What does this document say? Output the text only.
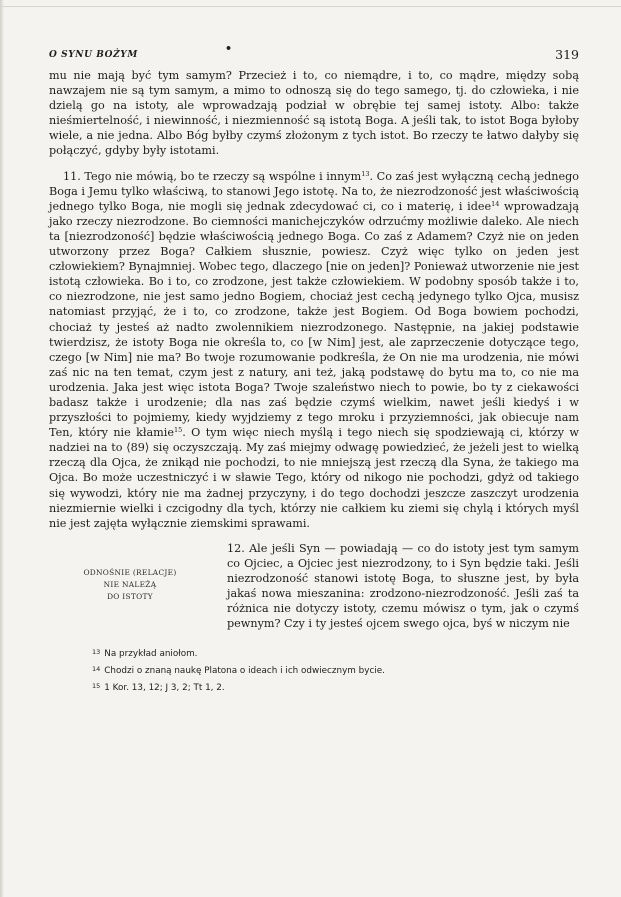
O SYNU BOŻYM	•	319

mu nie mają być tym samym? Przecież i to, co niemądre, i to, co mądre, między sobą nawzajem nie są tym samym, a mimo to odnoszą się do tego samego, tj. do człowieka, i nie dzielą go na istoty, ale wprowadzają podział w obrębie tej samej istoty. Albo: także nieśmiertelność, i niewinność, i niezmienność są istotą Boga. A jeśli tak, to istot Boga byłoby wiele, a nie jedna. Albo Bóg byłby czymś złożonym z tych istot. Bo rzeczy te łatwo dałyby się połączyć, gdyby były istotami.

11. Tego nie mówią, bo te rzeczy są wspólne i innym$^{13}$. Co zaś jest wyłączną cechą jednego Boga i Jemu tylko właściwą, to stanowi Jego istotę. Na to, że niezrodzoność jest właściwością jednego tylko Boga, nie mogli się jednak zdecydować ci, co i materię, i idee$^{14}$ wprowadzają jako rzeczy niezrodzone. Bo ciemności manichejczyków odrzućmy możliwie daleko. Ale niech ta [niezrodzoność] będzie właściwością jednego Boga. Co zaś z Adamem? Czyż nie on jeden utworzony przez Boga? Całkiem słusznie, powiesz. Czyż więc tylko on jeden jest człowiekiem? Bynajmniej. Wobec tego, dlaczego [nie on jeden]? Ponieważ utworzenie nie jest istotą człowieka. Bo i to, co zrodzone, jest także człowiekiem. W podobny sposób także i to, co niezrodzone, nie jest samo jedno Bogiem, chociaż jest cechą jedynego tylko Ojca, musisz natomiast przyjąć, że i to, co zrodzone, także jest Bogiem. Od Boga bowiem pochodzi, chociaż ty jesteś aż nadto zwolennikiem niezrodzonego. Następnie, na jakiej podstawie twierdzisz, że istoty Boga nie określa to, co [w Nim] jest, ale zaprzeczenie dotyczące tego, czego [w Nim] nie ma? Bo twoje rozumowanie podkreśla, że On nie ma urodzenia, nie mówi zaś nic na ten temat, czym jest z natury, ani też, jaką podstawę do bytu ma to, co nie ma urodzenia. Jaka jest więc istota Boga? Twoje szaleństwo niech to powie, bo ty z ciekawości badasz także i urodzenie; dla nas zaś będzie czymś wielkim, nawet jeśli kiedyś i w przyszłości to pojmiemy, kiedy wyjdziemy z tego mroku i przyziemności, jak obiecuje nam Ten, który nie kłamie$^{15}$. O tym więc niech myślą i tego niech się spodziewają ci, którzy w nadziei na to ⟨89⟩ się oczyszczają. My zaś miejmy odwagę powiedzieć, że jeżeli jest to wielką rzeczą dla Ojca, że znikąd nie pochodzi, to nie mniejszą jest rzeczą dla Syna, że takiego ma Ojca. Bo może uczestniczyć i w sławie Tego, który od nikogo nie pochodzi, gdyż od takiego się wywodzi, który nie ma żadnej przyczyny, i do tego dochodzi jeszcze zaszczyt urodzenia niezmiernie wielki i czcigodny dla tych, którzy nie całkiem ku ziemi się chylą i których myśl nie jest zajęta wyłącznie ziemskimi sprawami.

ODNOŚNIE (RELACJE)
NIE NALEŻĄ
DO ISTOTY

12. Ale jeśli Syn — powiadają — co do istoty jest tym samym co Ojciec, a Ojciec jest niezrodzony, to i Syn będzie taki. Jeśli niezrodzoność stanowi istotę Boga, to słuszne jest, by była jakaś nowa mieszanina: zrodzono-niezrodzoność. Jeśli zaś ta różnica nie dotyczy istoty, czemu mówisz o tym, jak o czymś pewnym? Czy i ty jesteś ojcem swego ojca, byś w niczym nie

$^{13}$ Na przykład aniołom.
$^{14}$ Chodzi o znaną naukę Platona o ideach i ich odwiecznym bycie.
$^{15}$ 1 Kor. 13, 12; J 3, 2; Tt 1, 2.
